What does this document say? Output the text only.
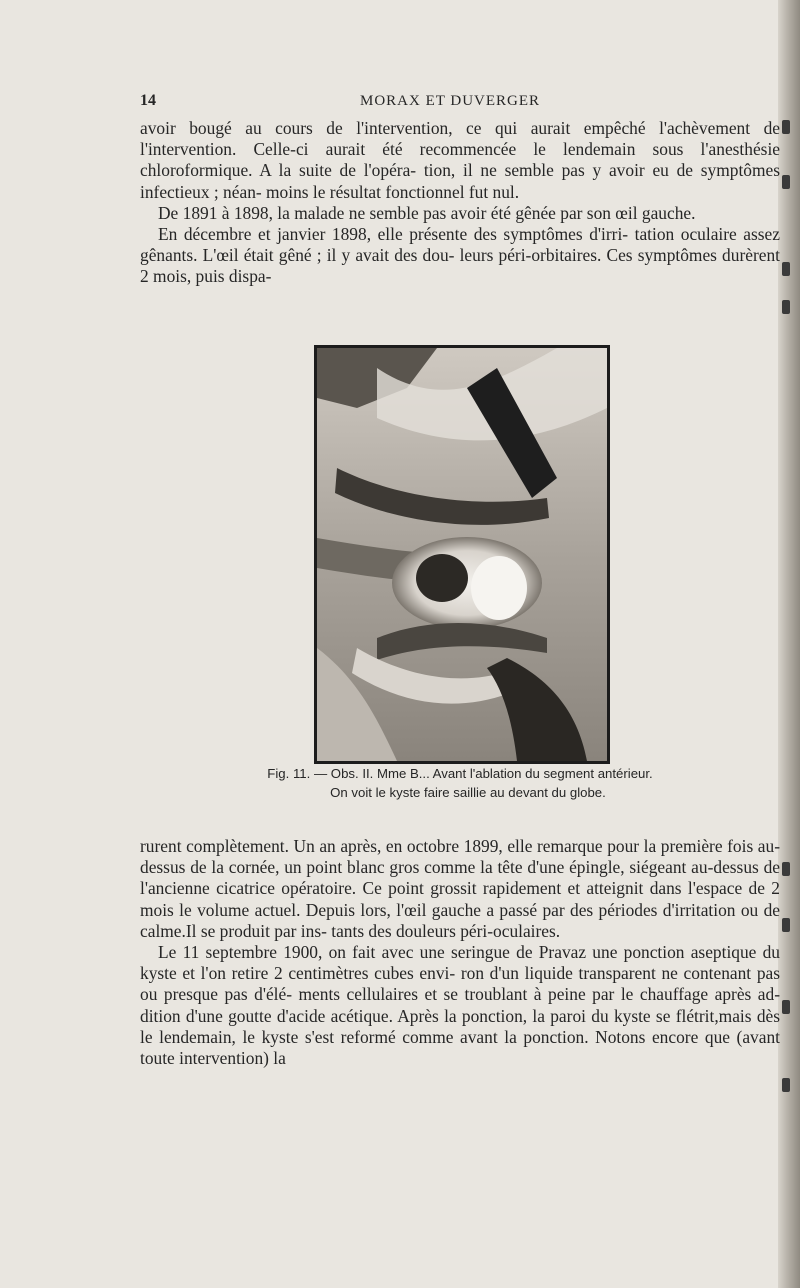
14	MORAX ET DUVERGER

avoir bougé au cours de l'intervention, ce qui aurait empêché l'achèvement de l'intervention. Celle-ci aurait été recommencée le lendemain sous l'anesthésie chloroformique. A la suite de l'opéra- tion, il ne semble pas y avoir eu de symptômes infectieux ; néan- moins le résultat fonctionnel fut nul.

De 1891 à 1898, la malade ne semble pas avoir été gênée par son œil gauche.

En décembre et janvier 1898, elle présente des symptômes d'irri- tation oculaire assez gênants. L'œil était gêné ; il y avait des dou- leurs péri-orbitaires. Ces symptômes durèrent 2 mois, puis dispa-

Fig. 11. — Obs. II. Mme B... Avant l'ablation du segment antérieur.
On voit le kyste faire saillie au devant du globe.

rurent complètement. Un an après, en octobre 1899, elle remarque pour la première fois au-dessus de la cornée, un point blanc gros comme la tête d'une épingle, siégeant au-dessus de l'ancienne cicatrice opératoire. Ce point grossit rapidement et atteignit dans l'espace de 2 mois le volume actuel. Depuis lors, l'œil gauche a passé par des périodes d'irritation ou de calme.Il se produit par ins- tants des douleurs péri-oculaires.

Le 11 septembre 1900, on fait avec une seringue de Pravaz une ponction aseptique du kyste et l'on retire 2 centimètres cubes envi- ron d'un liquide transparent ne contenant pas ou presque pas d'élé- ments cellulaires et se troublant à peine par le chauffage après ad- dition d'une goutte d'acide acétique. Après la ponction, la paroi du kyste se flétrit,mais dès le lendemain, le kyste s'est reformé comme avant la ponction. Notons encore que (avant toute intervention) la
